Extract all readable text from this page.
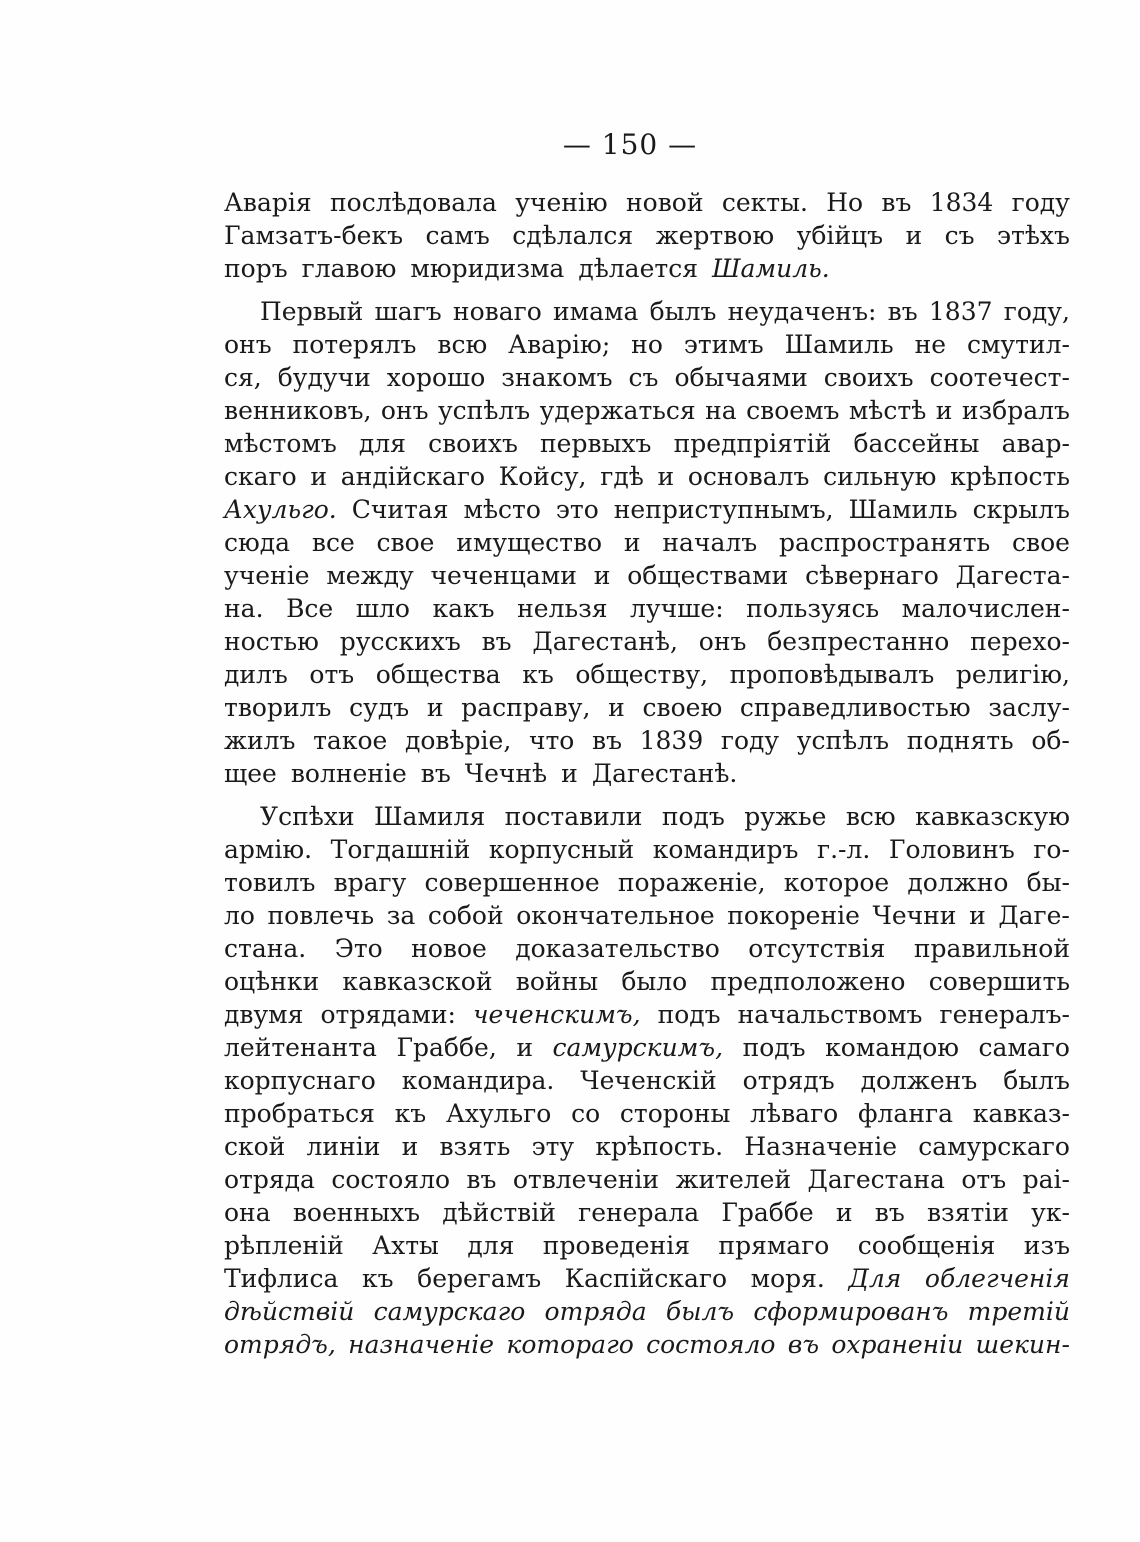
— 150 —
Аварія послѣдовала ученію новой секты. Но въ 1834 году
Гамзатъ-бекъ самъ сдѣлался жертвою убійцъ и съ этѣхъ
поръ главою мюридизма дѣлается Шамиль.
Первый шагъ новаго имама былъ неудаченъ: въ 1837 году,
онъ потерялъ всю Аварію; но этимъ Шамиль не смутил-
ся, будучи хорошо знакомъ съ обычаями своихъ соотечест-
венниковъ, онъ успѣлъ удержаться на своемъ мѣстѣ и избралъ
мѣстомъ для своихъ первыхъ предпріятій бассейны авар-
скаго и андійскаго Койсу, гдѣ и основалъ сильную крѣпость
Ахульго. Считая мѣсто это неприступнымъ, Шамиль скрылъ
сюда все свое имущество и началъ распространять свое
ученіе между чеченцами и обществами сѣвернаго Дагеста-
на. Все шло какъ нельзя лучше: пользуясь малочислен-
ностью русскихъ въ Дагестанѣ, онъ безпрестанно перехо-
дилъ отъ общества къ обществу, проповѣдывалъ религію,
творилъ судъ и расправу, и своею справедливостью заслу-
жилъ такое довѣріе, что въ 1839 году успѣлъ поднять об-
щее волненіе въ Чечнѣ и Дагестанѣ.
Успѣхи Шамиля поставили подъ ружье всю кавказскую
армію. Тогдашній корпусный командиръ г.-л. Головинъ го-
товилъ врагу совершенное пораженіе, которое должно бы-
ло повлечь за собой окончательное покореніе Чечни и Даге-
стана. Это новое доказательство отсутствія правильной
оцѣнки кавказской войны было предположено совершить
двумя отрядами: чеченскимъ, подъ начальствомъ генералъ-
лейтенанта Граббе, и самурскимъ, подъ командою самаго
корпуснаго командира. Чеченскій отрядъ долженъ былъ
пробраться къ Ахульго со стороны лѣваго фланга кавказ-
ской линіи и взять эту крѣпость. Назначеніе самурскаго
отряда состояло въ отвлеченіи жителей Дагестана отъ раі-
она военныхъ дѣйствій генерала Граббе и въ взятіи ук-
рѣпленій Ахты для проведенія прямаго сообщенія изъ
Тифлиса къ берегамъ Каспійскаго моря. Для облегченія
дѣйствій самурскаго отряда былъ сформированъ третій
отрядъ, назначеніе котораго состояло въ охраненіи шекин-
